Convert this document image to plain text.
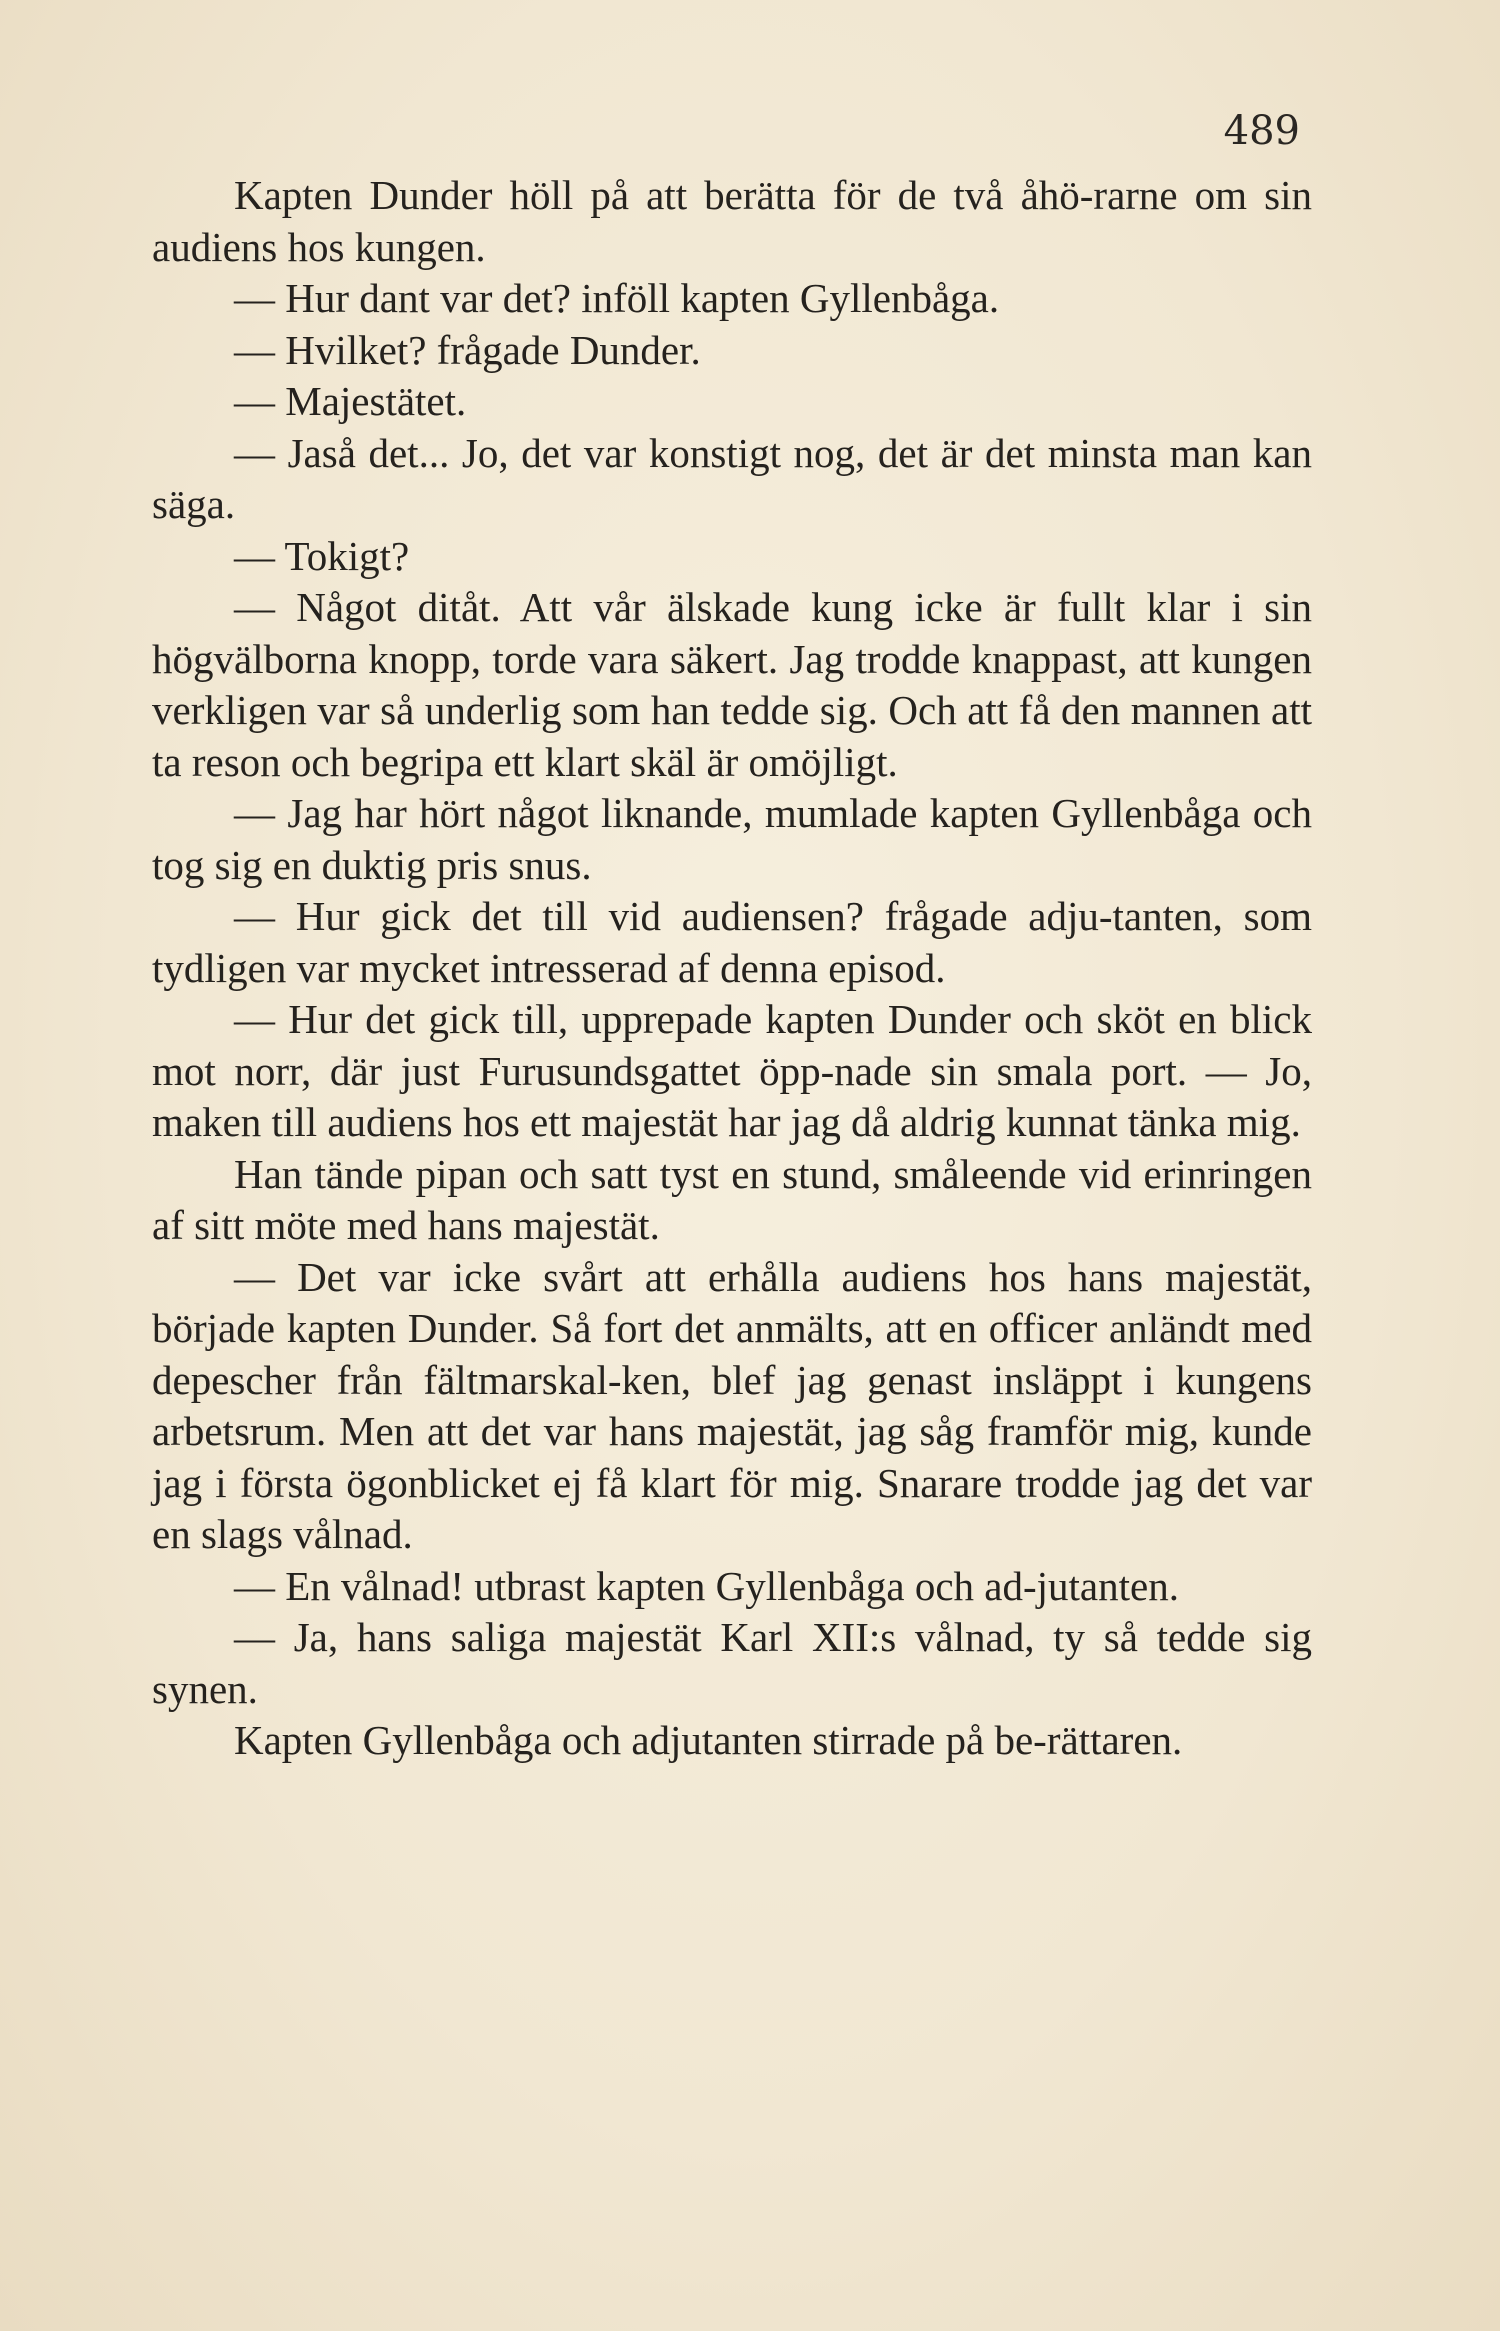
489

Kapten Dunder höll på att berätta för de två åhö-rarne om sin audiens hos kungen.

— Hur dant var det? inföll kapten Gyllenbåga.

— Hvilket? frågade Dunder.

— Majestätet.

— Jaså det... Jo, det var konstigt nog, det är det minsta man kan säga.

— Tokigt?

— Något ditåt. Att vår älskade kung icke är fullt klar i sin högvälborna knopp, torde vara säkert. Jag trodde knappast, att kungen verkligen var så underlig som han tedde sig. Och att få den mannen att ta reson och begripa ett klart skäl är omöjligt.

— Jag har hört något liknande, mumlade kapten Gyllenbåga och tog sig en duktig pris snus.

— Hur gick det till vid audiensen? frågade adju-tanten, som tydligen var mycket intresserad af denna episod.

— Hur det gick till, upprepade kapten Dunder och sköt en blick mot norr, där just Furusundsgattet öpp-nade sin smala port. — Jo, maken till audiens hos ett majestät har jag då aldrig kunnat tänka mig.

Han tände pipan och satt tyst en stund, småleende vid erinringen af sitt möte med hans majestät.

— Det var icke svårt att erhålla audiens hos hans majestät, började kapten Dunder. Så fort det anmälts, att en officer anländt med depescher från fältmarskal-ken, blef jag genast insläppt i kungens arbetsrum. Men att det var hans majestät, jag såg framför mig, kunde jag i första ögonblicket ej få klart för mig. Snarare trodde jag det var en slags vålnad.

— En vålnad! utbrast kapten Gyllenbåga och ad-jutanten.

— Ja, hans saliga majestät Karl XII:s vålnad, ty så tedde sig synen.

Kapten Gyllenbåga och adjutanten stirrade på be-rättaren.
